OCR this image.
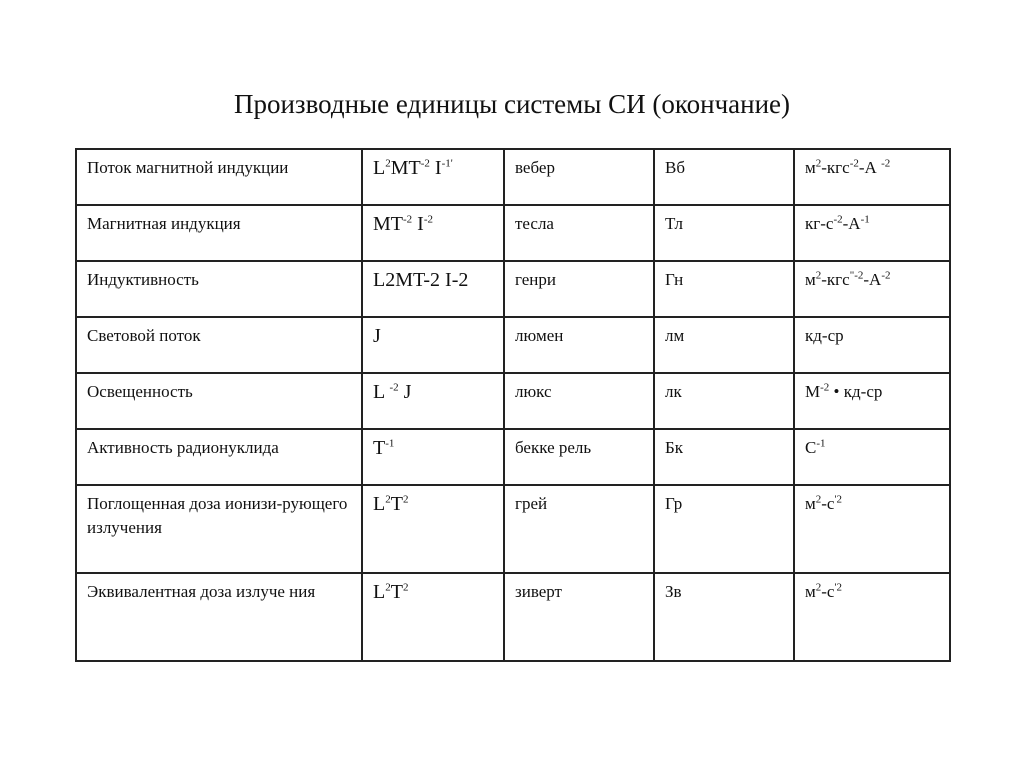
Производные единицы системы СИ (окончание)
Поток магнитной индукции	$L^2MT^{-2}$ $I^{-1'}$	вебер	Вб	$м^2-кгс^{-2}-А$ $^{-2}$
Магнитная индукция	$MT^{-2}$ $I^{-2}$	тесла	Тл	$кг-с^{-2}-А^{-1}$
Индуктивность	L2MT-2 I-2	генри	Гн	$м^2-кгс^{"-2}-А^{-2}$
Световой поток	J	люмен	лм	кд-ср
Освещенность	L $^{-2}$ J	люкс	лк	$М^{-2}$ • кд-ср
Активность радионуклида	$T^{-1}$	бекке рель	Бк	$С^{-1}$
Поглощенная доза ионизи-рующего излучения	$L^2T^2$	грей	Гр	$м^2-с^{'2}$
Эквивалентная доза излуче ния	$L^2T^2$	зиверт	Зв	$м^2-с^{'2}$
